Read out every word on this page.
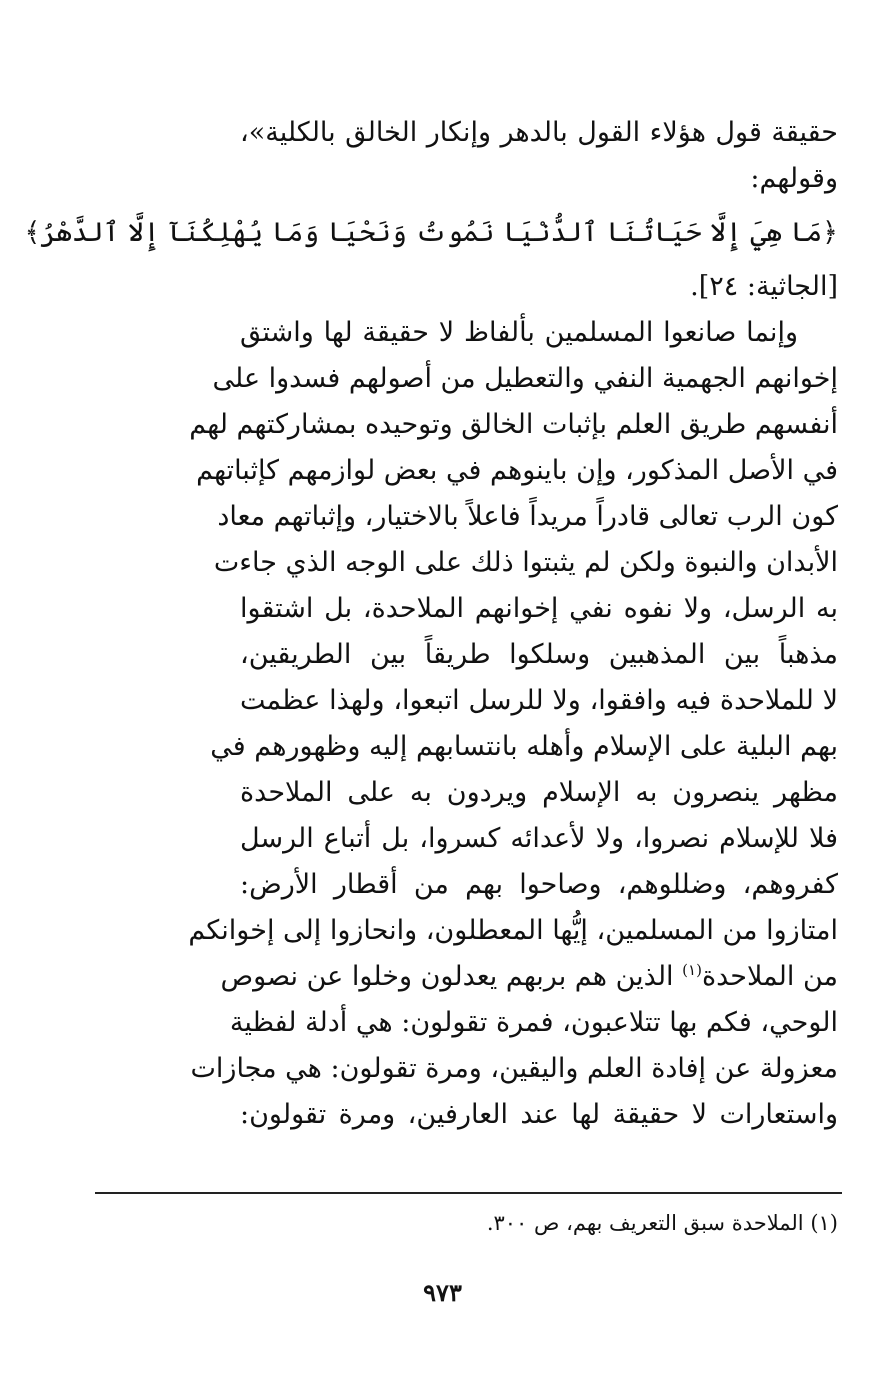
حقيقة قول هؤلاء القول بالدهر وإنكار الخالق بالكلية»،
وقولهم:
﴿مَا هِيَ إِلَّا حَيَاتُنَا ٱلدُّنْيَا نَمُوتُ وَنَحْيَا وَمَا يُهْلِكُنَآ إِلَّا ٱلدَّهْرُ﴾
[الجاثية: ٢٤].
وإنما صانعوا المسلمين بألفاظ لا حقيقة لها واشتق
إخوانهم الجهمية النفي والتعطيل من أصولهم فسدوا على
أنفسهم طريق العلم بإثبات الخالق وتوحيده بمشاركتهم لهم
في الأصل المذكور، وإن باينوهم في بعض لوازمهم كإثباتهم
كون الرب تعالى قادراً مريداً فاعلاً بالاختيار، وإثباتهم معاد
الأبدان والنبوة ولكن لم يثبتوا ذلك على الوجه الذي جاءت
به الرسل، ولا نفوه نفي إخوانهم الملاحدة، بل اشتقوا
مذهباً بين المذهبين وسلكوا طريقاً بين الطريقين،
لا للملاحدة فيه وافقوا، ولا للرسل اتبعوا، ولهذا عظمت
بهم البلية على الإسلام وأهله بانتسابهم إليه وظهورهم في
مظهر ينصرون به الإسلام ويردون به على الملاحدة
فلا للإسلام نصروا، ولا لأعدائه كسروا، بل أتباع الرسل
كفروهم، وضللوهم، وصاحوا بهم من أقطار الأرض:
امتازوا من المسلمين، إيُّها المعطلون، وانحازوا إلى إخوانكم
من الملاحدة$^{(١)}$ الذين هم بربهم يعدلون وخلوا عن نصوص
الوحي، فكم بها تتلاعبون، فمرة تقولون: هي أدلة لفظية
معزولة عن إفادة العلم واليقين، ومرة تقولون: هي مجازات
واستعارات لا حقيقة لها عند العارفين، ومرة تقولون:
(١) الملاحدة سبق التعريف بهم، ص ٣٠٠.
٩٧٣
